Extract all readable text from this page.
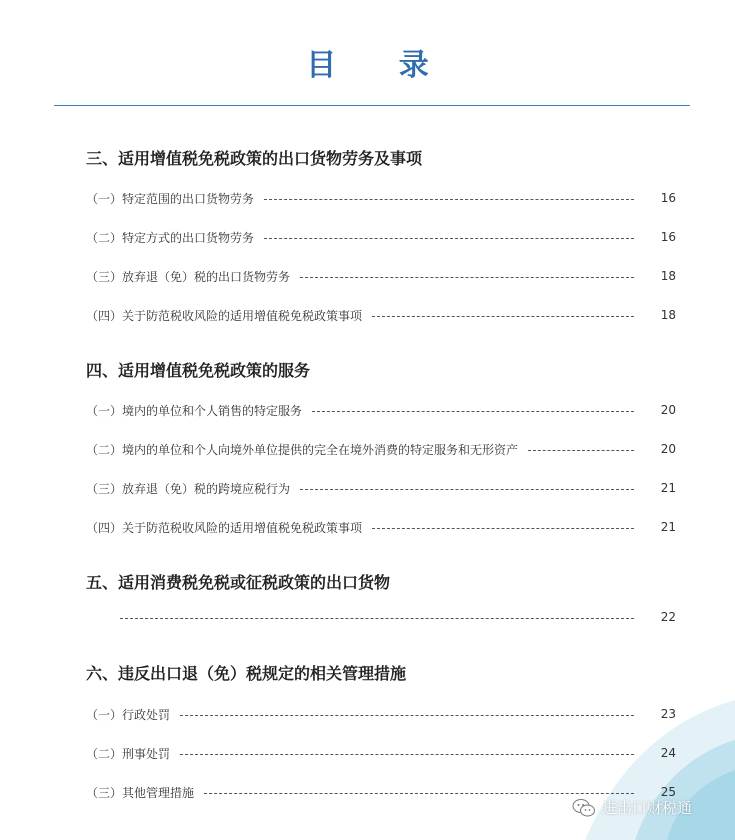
目 录
三、适用增值税免税政策的出口货物劳务及事项
（一）特定范围的出口货物劳务	16
（二）特定方式的出口货物劳务	16
（三）放弃退（免）税的出口货物劳务	18
（四）关于防范税收风险的适用增值税免税政策事项	18
四、适用增值税免税政策的服务
（一）境内的单位和个人销售的特定服务	20
（二）境内的单位和个人向境外单位提供的完全在境外消费的特定服务和无形资产	20
（三）放弃退（免）税的跨境应税行为	21
（四）关于防范税收风险的适用增值税免税政策事项	21
五、适用消费税免税或征税政策的出口货物
22
六、违反出口退（免）税规定的相关管理措施
（一）行政处罚	23
（二）刑事处罚	24
（三）其他管理措施	25
进出口财税通
